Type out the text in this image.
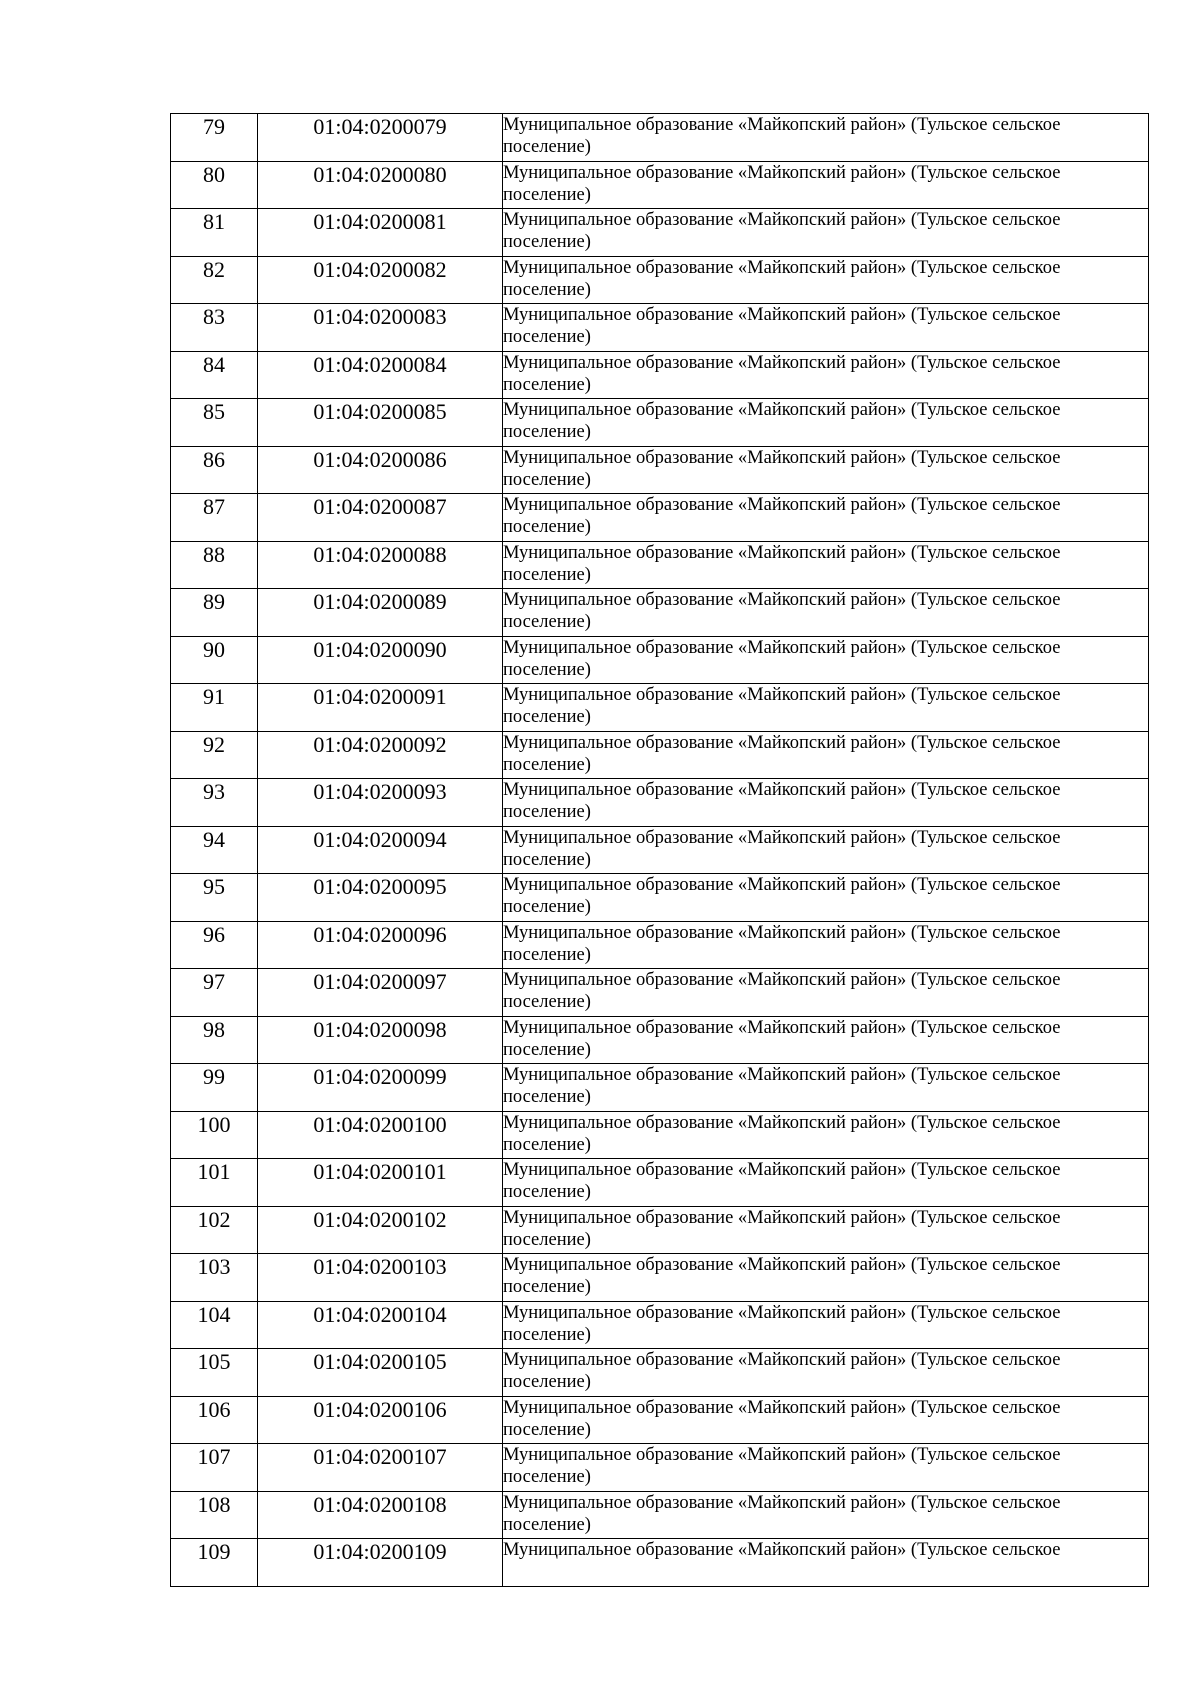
79	01:04:0200079	Муниципальное образование «Майкопский район» (Тульское сельское поселение)

80	01:04:0200080	Муниципальное образование «Майкопский район» (Тульское сельское поселение)

81	01:04:0200081	Муниципальное образование «Майкопский район» (Тульское сельское поселение)

82	01:04:0200082	Муниципальное образование «Майкопский район» (Тульское сельское поселение)

83	01:04:0200083	Муниципальное образование «Майкопский район» (Тульское сельское поселение)

84	01:04:0200084	Муниципальное образование «Майкопский район» (Тульское сельское поселение)

85	01:04:0200085	Муниципальное образование «Майкопский район» (Тульское сельское поселение)

86	01:04:0200086	Муниципальное образование «Майкопский район» (Тульское сельское поселение)

87	01:04:0200087	Муниципальное образование «Майкопский район» (Тульское сельское поселение)

88	01:04:0200088	Муниципальное образование «Майкопский район» (Тульское сельское поселение)

89	01:04:0200089	Муниципальное образование «Майкопский район» (Тульское сельское поселение)

90	01:04:0200090	Муниципальное образование «Майкопский район» (Тульское сельское поселение)

91	01:04:0200091	Муниципальное образование «Майкопский район» (Тульское сельское поселение)

92	01:04:0200092	Муниципальное образование «Майкопский район» (Тульское сельское поселение)

93	01:04:0200093	Муниципальное образование «Майкопский район» (Тульское сельское поселение)

94	01:04:0200094	Муниципальное образование «Майкопский район» (Тульское сельское поселение)

95	01:04:0200095	Муниципальное образование «Майкопский район» (Тульское сельское поселение)

96	01:04:0200096	Муниципальное образование «Майкопский район» (Тульское сельское поселение)

97	01:04:0200097	Муниципальное образование «Майкопский район» (Тульское сельское поселение)

98	01:04:0200098	Муниципальное образование «Майкопский район» (Тульское сельское поселение)

99	01:04:0200099	Муниципальное образование «Майкопский район» (Тульское сельское поселение)

100	01:04:0200100	Муниципальное образование «Майкопский район» (Тульское сельское поселение)

101	01:04:0200101	Муниципальное образование «Майкопский район» (Тульское сельское поселение)

102	01:04:0200102	Муниципальное образование «Майкопский район» (Тульское сельское поселение)

103	01:04:0200103	Муниципальное образование «Майкопский район» (Тульское сельское поселение)

104	01:04:0200104	Муниципальное образование «Майкопский район» (Тульское сельское поселение)

105	01:04:0200105	Муниципальное образование «Майкопский район» (Тульское сельское поселение)

106	01:04:0200106	Муниципальное образование «Майкопский район» (Тульское сельское поселение)

107	01:04:0200107	Муниципальное образование «Майкопский район» (Тульское сельское поселение)

108	01:04:0200108	Муниципальное образование «Майкопский район» (Тульское сельское поселение)

109	01:04:0200109	Муниципальное образование «Майкопский район» (Тульское сельское
